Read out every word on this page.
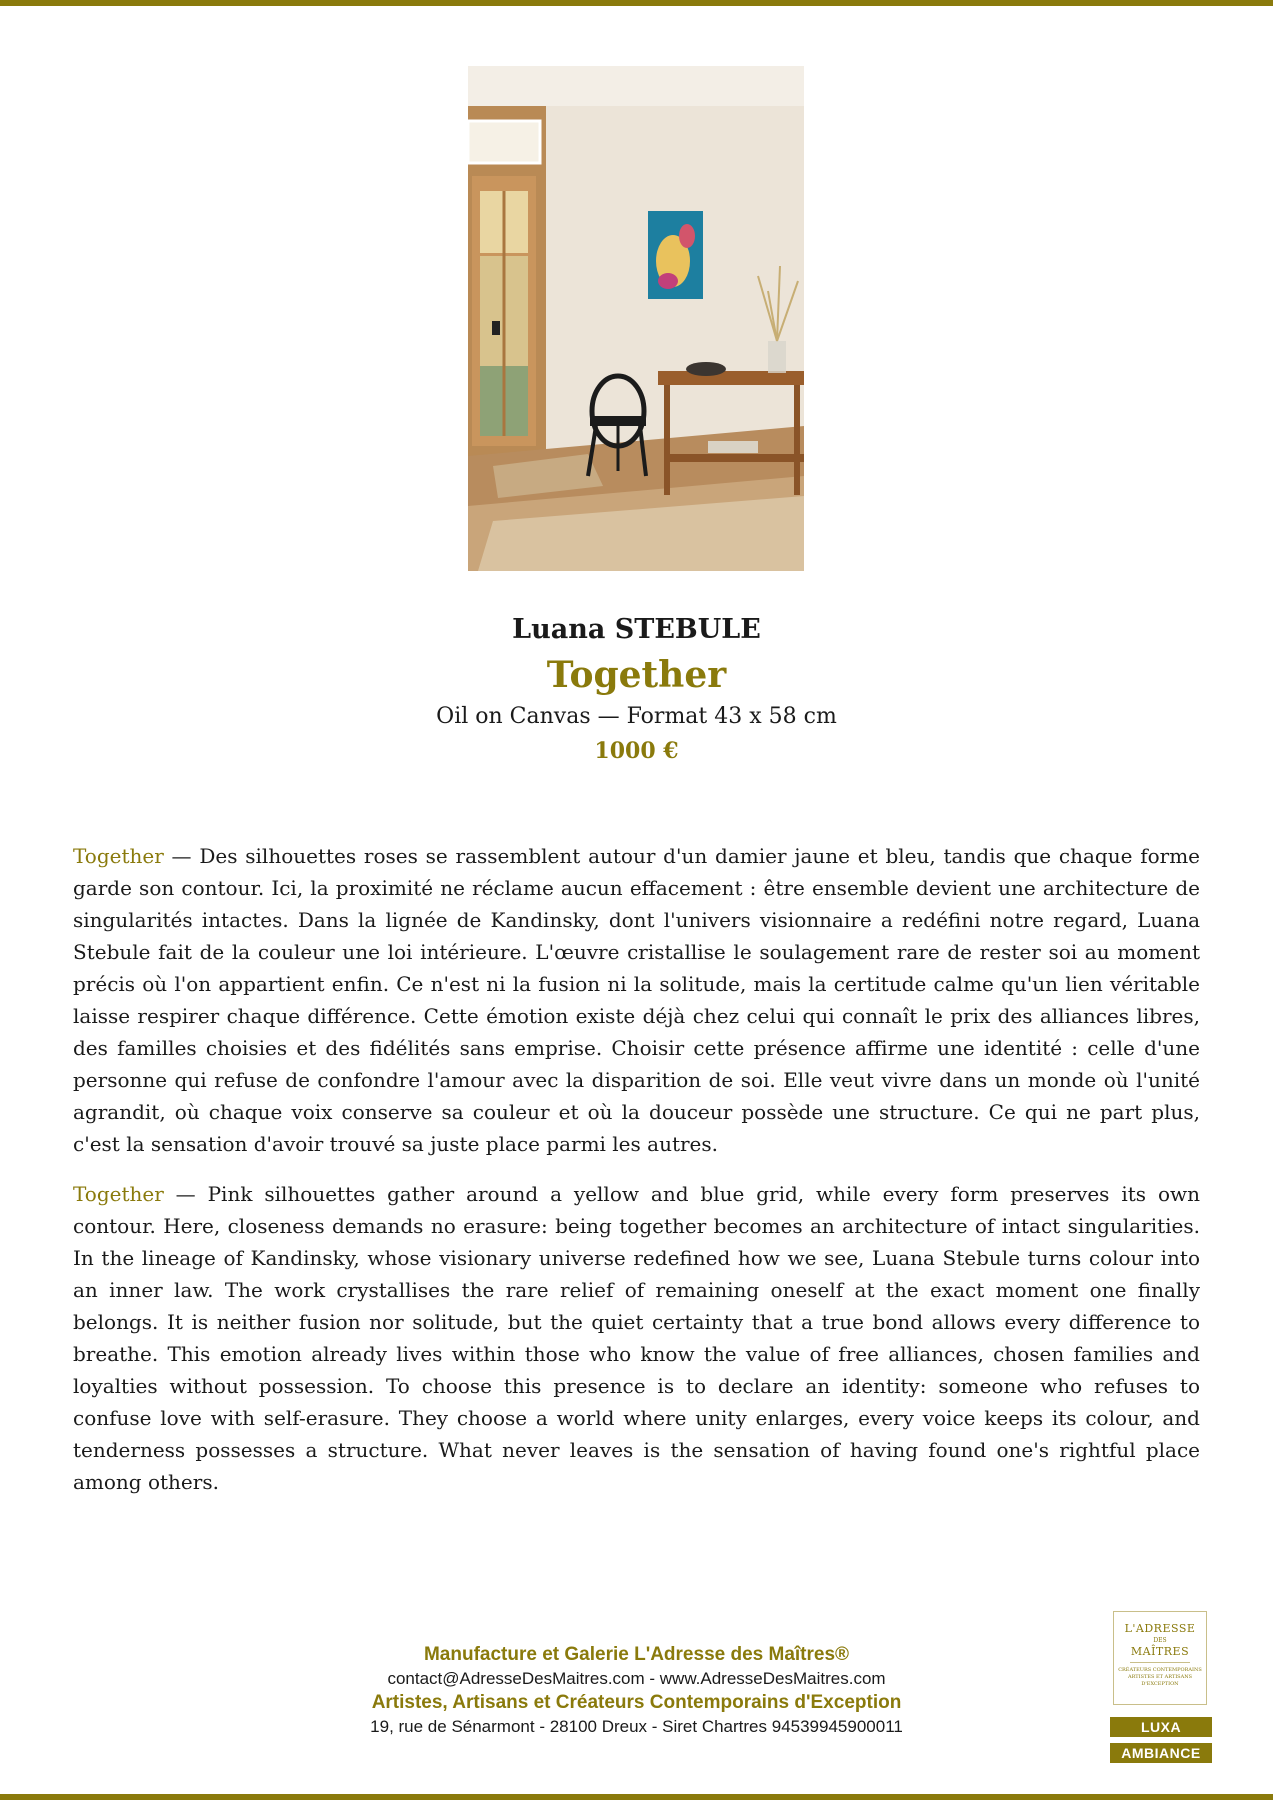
Luana STEBULE
Together
Oil on Canvas — Format 43 x 58 cm
1000 €

Together — Des silhouettes roses se rassemblent autour d'un damier jaune et bleu, tandis que chaque forme garde son contour. Ici, la proximité ne réclame aucun effacement : être ensemble devient une architecture de singularités intactes. Dans la lignée de Kandinsky, dont l'univers visionnaire a redéfini notre regard, Luana Stebule fait de la couleur une loi intérieure. L'œuvre cristallise le soulagement rare de rester soi au moment précis où l'on appartient enfin. Ce n'est ni la fusion ni la solitude, mais la certitude calme qu'un lien véritable laisse respirer chaque différence. Cette émotion existe déjà chez celui qui connaît le prix des alliances libres, des familles choisies et des fidélités sans emprise. Choisir cette présence affirme une identité : celle d'une personne qui refuse de confondre l'amour avec la disparition de soi. Elle veut vivre dans un monde où l'unité agrandit, où chaque voix conserve sa couleur et où la douceur possède une structure. Ce qui ne part plus, c'est la sensation d'avoir trouvé sa juste place parmi les autres.

Together — Pink silhouettes gather around a yellow and blue grid, while every form preserves its own contour. Here, closeness demands no erasure: being together becomes an architecture of intact singularities. In the lineage of Kandinsky, whose visionary universe redefined how we see, Luana Stebule turns colour into an inner law. The work crystallises the rare relief of remaining oneself at the exact moment one finally belongs. It is neither fusion nor solitude, but the quiet certainty that a true bond allows every difference to breathe. This emotion already lives within those who know the value of free alliances, chosen families and loyalties without possession. To choose this presence is to declare an identity: someone who refuses to confuse love with self-erasure. They choose a world where unity enlarges, every voice keeps its colour, and tenderness possesses a structure. What never leaves is the sensation of having found one's rightful place among others.

Manufacture et Galerie L'Adresse des Maîtres®
contact@AdresseDesMaitres.com - www.AdresseDesMaitres.com
Artistes, Artisans et Créateurs Contemporains d'Exception
19, rue de Sénarmont - 28100 Dreux - Siret Chartres 94539945900011
L'ADRESSE
DES
MAÎTRES
CRÉATEURS CONTEMPORAINS
ARTISTES ET ARTISANS
D'EXCEPTION
LUXA
AMBIANCE
